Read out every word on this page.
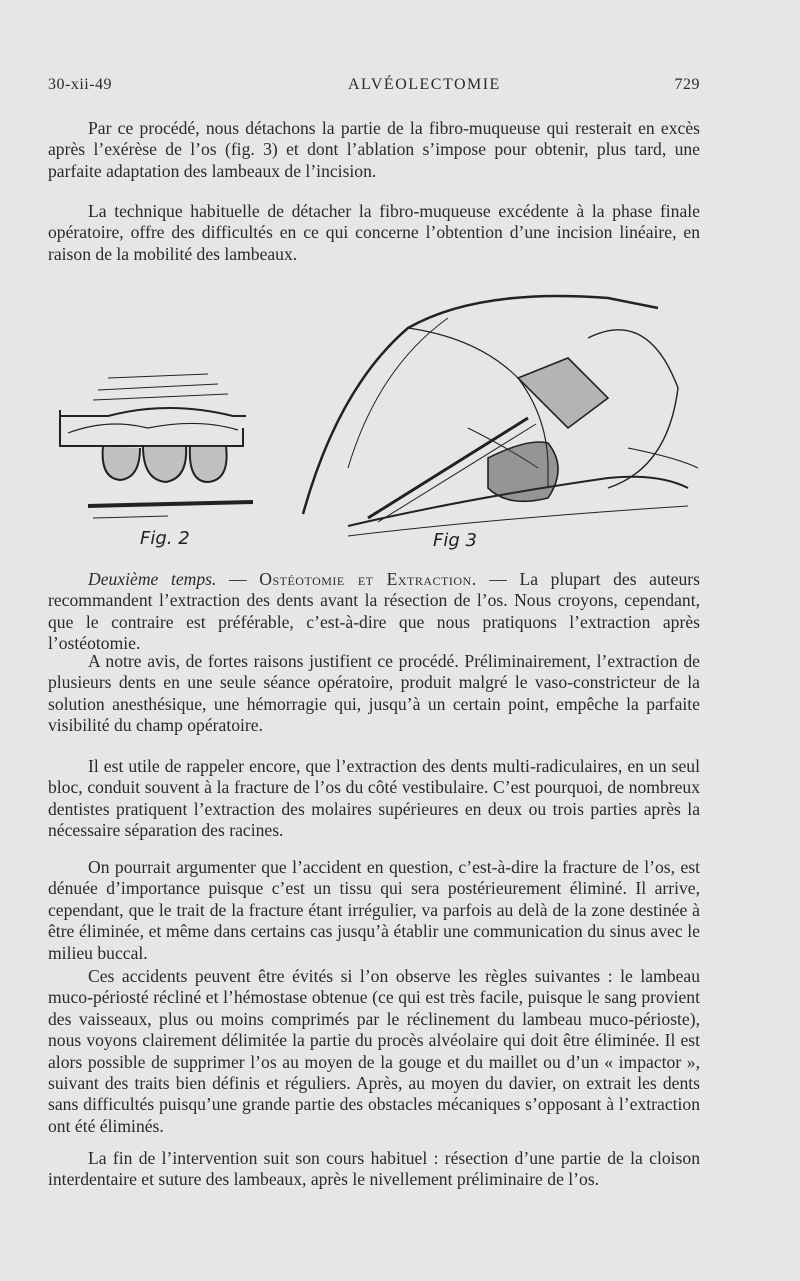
30-xii-49	ALVÉOLECTOMIE	729

Par ce procédé, nous détachons la partie de la fibro-muqueuse qui resterait en excès après l’exérèse de l’os (fig. 3) et dont l’ablation s’impose pour obtenir, plus tard, une parfaite adaptation des lambeaux de l’incision.

La technique habituelle de détacher la fibro-muqueuse excédente à la phase finale opératoire, offre des difficultés en ce qui concerne l’obtention d’une incision linéaire, en raison de la mobilité des lambeaux.

Fig. 2	Fig 3

Deuxième temps. — Ostéotomie et Extraction. — La plupart des auteurs recommandent l’extraction des dents avant la résection de l’os. Nous croyons, cependant, que le contraire est préférable, c’est-à-dire que nous pratiquons l’extraction après l’ostéotomie.

A notre avis, de fortes raisons justifient ce procédé. Préliminairement, l’extraction de plusieurs dents en une seule séance opératoire, produit malgré le vaso-constricteur de la solution anesthésique, une hémorragie qui, jusqu’à un certain point, empêche la parfaite visibilité du champ opératoire.

Il est utile de rappeler encore, que l’extraction des dents multi-radiculaires, en un seul bloc, conduit souvent à la fracture de l’os du côté vestibulaire. C’est pourquoi, de nombreux dentistes pratiquent l’extraction des molaires supérieures en deux ou trois parties après la nécessaire séparation des racines.

On pourrait argumenter que l’accident en question, c’est-à-dire la fracture de l’os, est dénuée d’importance puisque c’est un tissu qui sera postérieurement éliminé. Il arrive, cependant, que le trait de la fracture étant irrégulier, va parfois au delà de la zone destinée à être éliminée, et même dans certains cas jusqu’à établir une communication du sinus avec le milieu buccal.

Ces accidents peuvent être évités si l’on observe les règles suivantes : le lambeau muco-périosté récliné et l’hémostase obtenue (ce qui est très facile, puisque le sang provient des vaisseaux, plus ou moins comprimés par le réclinement du lambeau muco-périoste), nous voyons clairement délimitée la partie du procès alvéolaire qui doit être éliminée. Il est alors possible de supprimer l’os au moyen de la gouge et du maillet ou d’un « impactor », suivant des traits bien définis et réguliers. Après, au moyen du davier, on extrait les dents sans difficultés puisqu’une grande partie des obstacles mécaniques s’opposant à l’extraction ont été éliminés.

La fin de l’intervention suit son cours habituel : résection d’une partie de la cloison interdentaire et suture des lambeaux, après le nivellement préliminaire de l’os.
